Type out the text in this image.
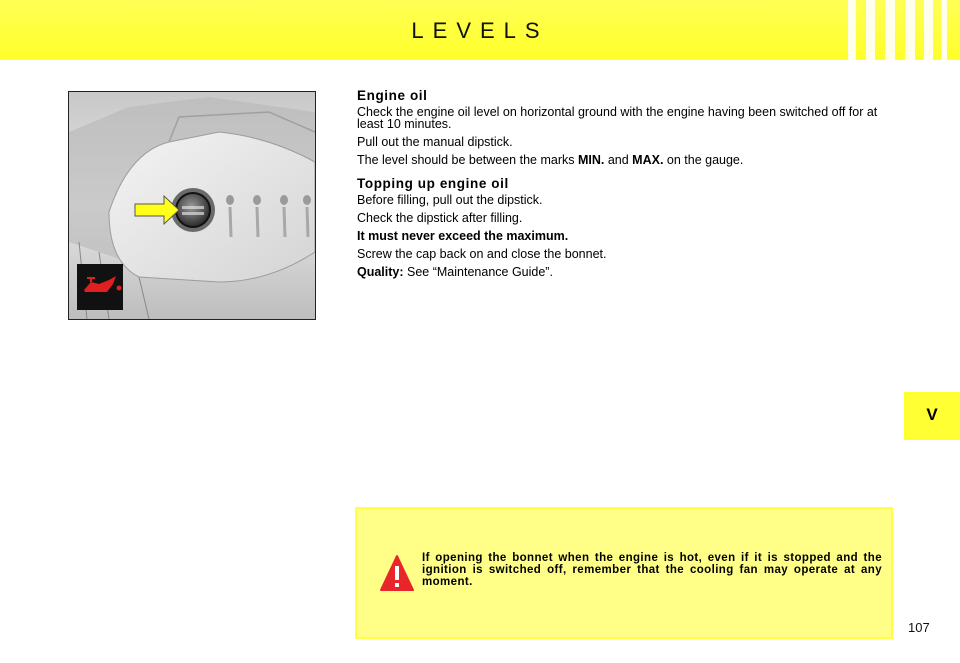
LEVELS
Engine oil

Check the engine oil level on horizontal ground with the engine having been switched off for at least 10 minutes.

Pull out the manual dipstick.

The level should be between the marks MIN. and MAX. on the gauge.

Topping up engine oil

Before filling, pull out the dipstick.

Check the dipstick after filling.

It must never exceed the maximum.

Screw the cap back on and close the bonnet.

Quality: See “Maintenance Guide”.

V
If opening the bonnet when the engine is hot, even if it is stopped and the ignition is switched off, remember that the cooling fan may operate at any moment.
107
